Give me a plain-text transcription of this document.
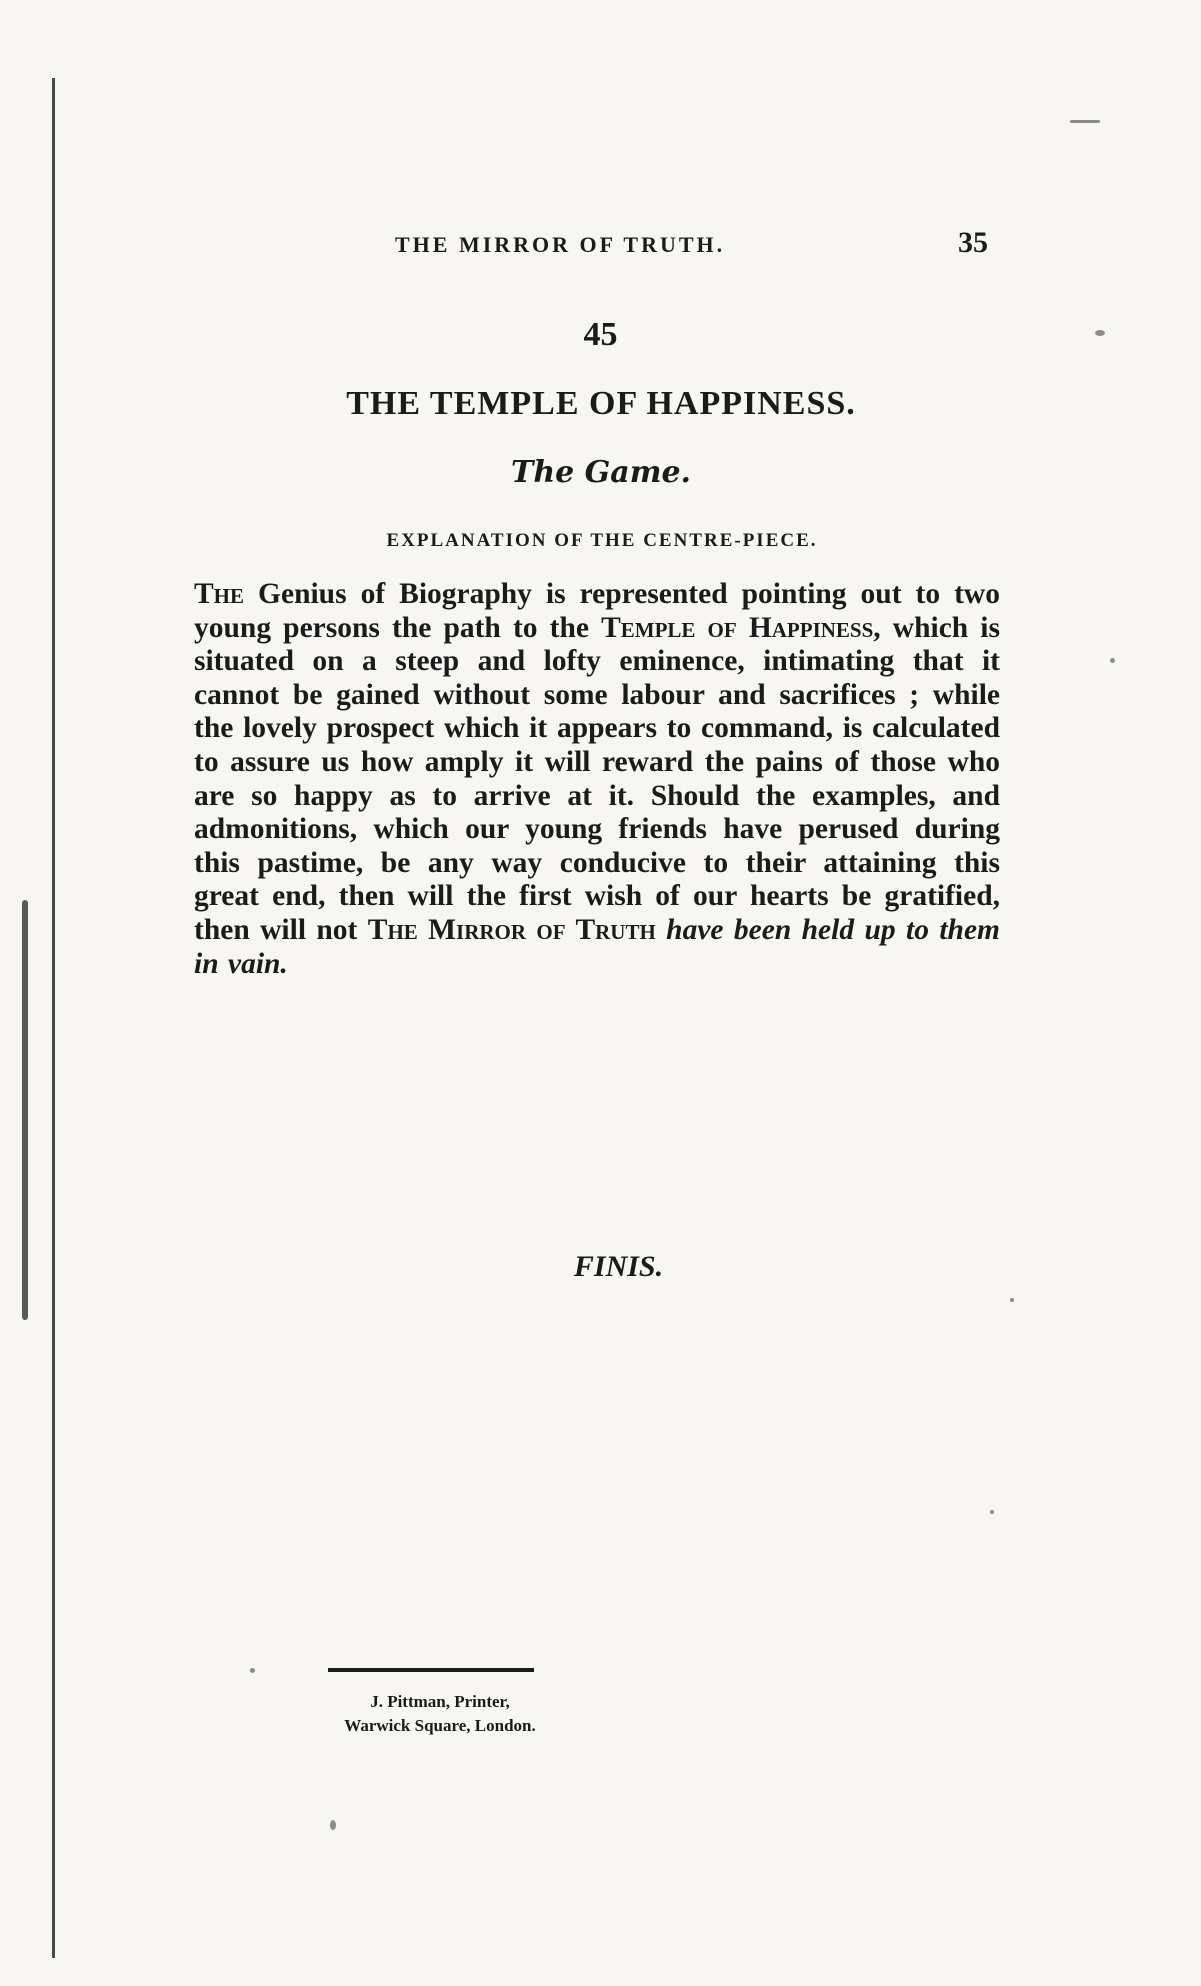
THE MIRROR OF TRUTH.	35
45
THE TEMPLE OF HAPPINESS.
The Game.
EXPLANATION OF THE CENTRE-PIECE.
The Genius of Biography is represented pointing out to two young persons the path to the Temple of Happiness, which is situated on a steep and lofty eminence, intimating that it cannot be gained without some labour and sacrifices ; while the lovely prospect which it appears to command, is calculated to assure us how amply it will reward the pains of those who are so happy as to arrive at it. Should the examples, and admonitions, which our young friends have perused during this pastime, be any way conducive to their attaining this great end, then will the first wish of our hearts be gratified, then will not The Mirror of Truth have been held up to them in vain.
FINIS.
J. Pittman, Printer,
Warwick Square, London.
